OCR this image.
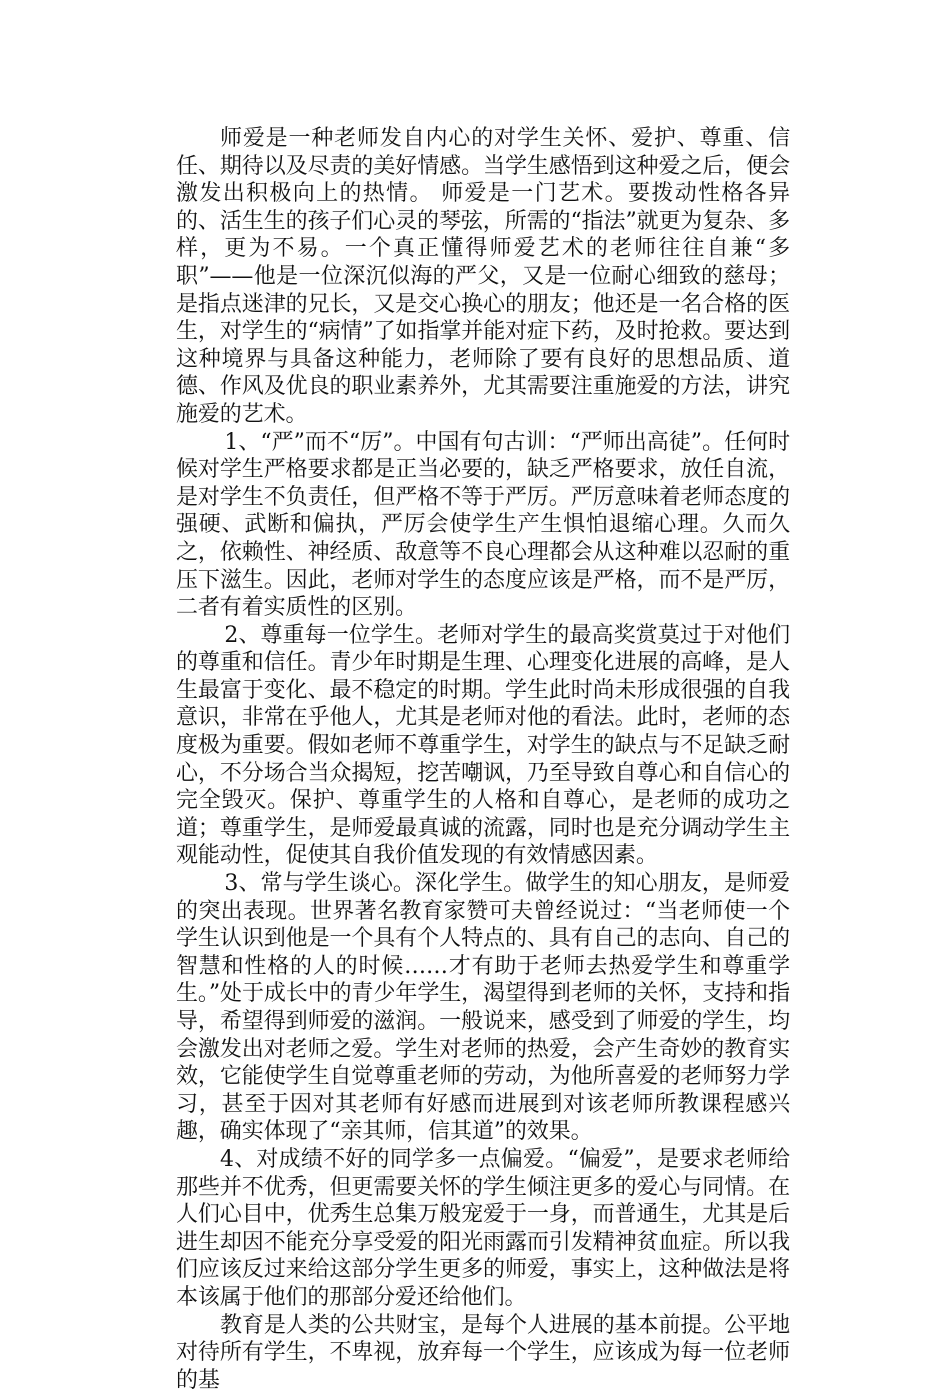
师爱是一种老师发自内心的对学生关怀、爱护、尊重、信任、期待以及尽责的美好情感。当学生感悟到这种爱之后，便会激发出积极向上的热情。 师爱是一门艺术。要拨动性格各异的、活生生的孩子们心灵的琴弦，所需的“指法”就更为复杂、多样，更为不易。一个真正懂得师爱艺术的老师往往自兼“多职”——他是一位深沉似海的严父，又是一位耐心细致的慈母；是指点迷津的兄长，又是交心换心的朋友；他还是一名合格的医生，对学生的“病情”了如指掌并能对症下药，及时抢救。要达到这种境界与具备这种能力，老师除了要有良好的思想品质、道德、作风及优良的职业素养外，尤其需要注重施爱的方法，讲究施爱的艺术。

1、“严”而不“厉”。中国有句古训：“严师出高徒”。任何时候对学生严格要求都是正当必要的，缺乏严格要求，放任自流，是对学生不负责任，但严格不等于严厉。严厉意味着老师态度的强硬、武断和偏执，严厉会使学生产生惧怕退缩心理。久而久之，依赖性、神经质、敌意等不良心理都会从这种难以忍耐的重压下滋生。因此，老师对学生的态度应该是严格，而不是严厉，二者有着实质性的区别。

2、尊重每一位学生。老师对学生的最高奖赏莫过于对他们的尊重和信任。青少年时期是生理、心理变化进展的高峰，是人生最富于变化、最不稳定的时期。学生此时尚未形成很强的自我意识，非常在乎他人，尤其是老师对他的看法。此时，老师的态度极为重要。假如老师不尊重学生，对学生的缺点与不足缺乏耐心，不分场合当众揭短，挖苦嘲讽，乃至导致自尊心和自信心的完全毁灭。保护、尊重学生的人格和自尊心，是老师的成功之道；尊重学生，是师爱最真诚的流露，同时也是充分调动学生主观能动性，促使其自我价值发现的有效情感因素。

3、常与学生谈心。深化学生。做学生的知心朋友，是师爱的突出表现。世界著名教育家赞可夫曾经说过：“当老师使一个学生认识到他是一个具有个人特点的、具有自己的志向、自己的智慧和性格的人的时候……才有助于老师去热爱学生和尊重学生。”处于成长中的青少年学生，渴望得到老师的关怀，支持和指导，希望得到师爱的滋润。一般说来，感受到了师爱的学生，均会激发出对老师之爱。学生对老师的热爱，会产生奇妙的教育实效，它能使学生自觉尊重老师的劳动，为他所喜爱的老师努力学习，甚至于因对其老师有好感而进展到对该老师所教课程感兴趣，确实体现了“亲其师，信其道”的效果。

4、对成绩不好的同学多一点偏爱。“偏爱”，是要求老师给那些并不优秀，但更需要关怀的学生倾注更多的爱心与同情。在人们心目中，优秀生总集万般宠爱于一身，而普通生，尤其是后进生却因不能充分享受爱的阳光雨露而引发精神贫血症。所以我们应该反过来给这部分学生更多的师爱，事实上，这种做法是将本该属于他们的那部分爱还给他们。

教育是人类的公共财宝，是每个人进展的基本前提。公平地对待所有学生，不卑视，放弃每一个学生，应该成为每一位老师的基
